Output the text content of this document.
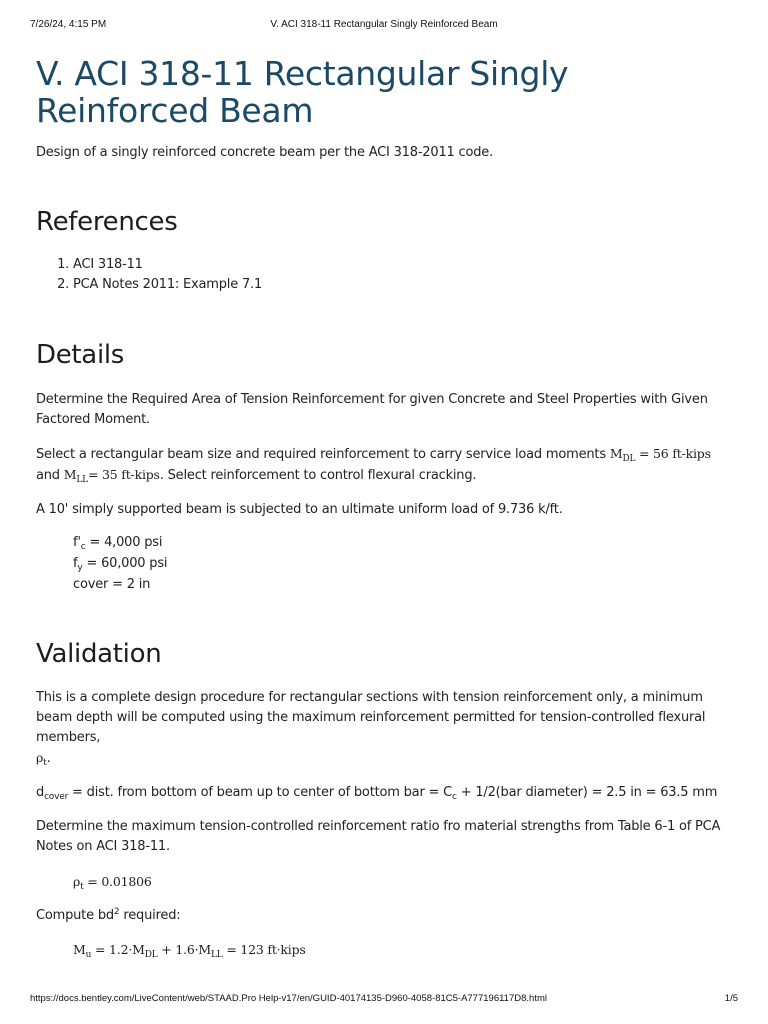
7/26/24, 4:15 PM	V. ACI 318-11 Rectangular Singly Reinforced Beam
V. ACI 318-11 Rectangular Singly Reinforced Beam

Design of a singly reinforced concrete beam per the ACI 318-2011 code.

References
1. ACI 318-11
2. PCA Notes 2011: Example 7.1
Details

Determine the Required Area of Tension Reinforcement for given Concrete and Steel Properties with Given Factored Moment.

Select a rectangular beam size and required reinforcement to carry service load moments $M_{DL} = 56$ ft-kips and $M_{LL}= 35$ ft-kips. Select reinforcement to control flexural cracking.

A 10' simply supported beam is subjected to an ultimate uniform load of 9.736 k/ft.

$f'_c = 4,000$ psi

$f_y = 60,000$ psi

cover = 2 in

Validation

This is a complete design procedure for rectangular sections with tension reinforcement only, a minimum beam depth will be computed using the maximum reinforcement permitted for tension-controlled flexural members,
$\rho_t$.

$d_{cover}$ = dist. from bottom of beam up to center of bottom bar = $C_c + 1/2(bar$ diameter) = 2.5 in = 63.5 mm

Determine the maximum tension-controlled reinforcement ratio fro material strengths from Table 6-1 of PCA Notes on ACI 318-11.

$\rho_t = 0.01806$

Compute $bd^2$ required:

$M_u = 1.2\cdot M_{DL} + 1.6\cdot M_{LL} = 123$ ft·kips

https://docs.bentley.com/LiveContent/web/STAAD.Pro Help-v17/en/GUID-40174135-D960-4058-81C5-A777196117D8.html	1/5
